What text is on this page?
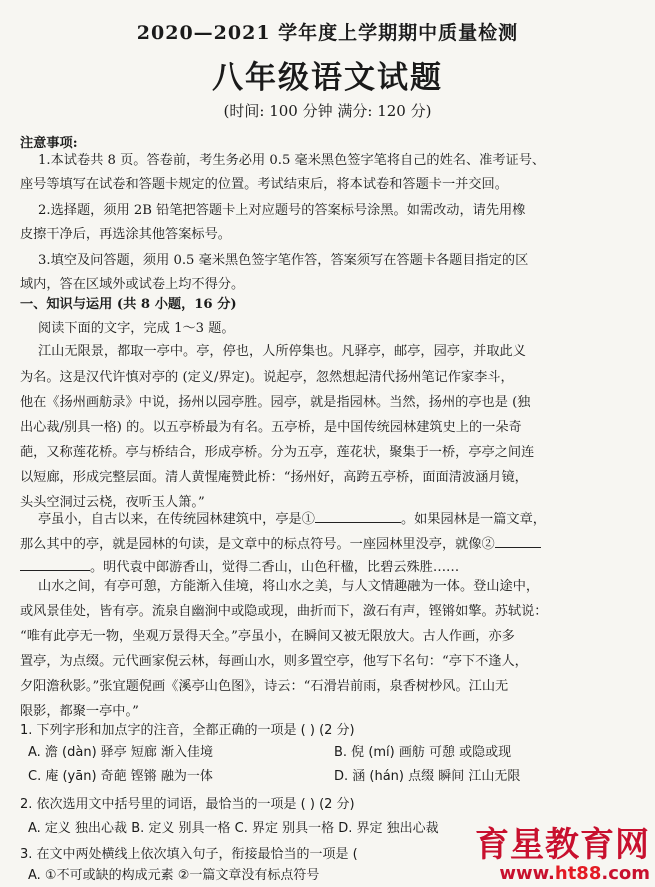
2020—2021 学年度上学期期中质量检测
八年级语文试题
(时间: 100 分钟 满分: 120 分)
注意事项:
1.本试卷共 8 页。答卷前，考生务必用 0.5 毫米黑色签字笔将自己的姓名、准考证号、
座号等填写在试卷和答题卡规定的位置。考试结束后，将本试卷和答题卡一并交回。
2.选择题，须用 2B 铅笔把答题卡上对应题号的答案标号涂黑。如需改动，请先用橡
皮擦干净后，再选涂其他答案标号。
3.填空及问答题，须用 0.5 毫米黑色签字笔作答，答案须写在答题卡各题目指定的区
域内，答在区域外或试卷上均不得分。
一、知识与运用 (共 8 小题，16 分)
阅读下面的文字，完成 1～3 题。
江山无限景，都取一亭中。亭，停也，人所停集也。凡驿亭，邮亭，园亭，并取此义
为名。这是汉代许慎对亭的 (定义/界定)。说起亭，忽然想起清代扬州笔记作家李斗，
他在《扬州画舫录》中说，扬州以园亭胜。园亭，就是指园林。当然，扬州的亭也是 (独
出心裁/别具一格) 的。以五亭桥最为有名。五亭桥，是中国传统园林建筑史上的一朵奇
葩，又称莲花桥。亭与桥结合，形成亭桥。分为五亭，莲花状，聚集于一桥，亭亭之间连
以短廊，形成完整层面。清人黄惺庵赞此桥：“扬州好，高跨五亭桥，面面清波涵月镜，
头头空洞过云桡，夜听玉人箫。”
亭虽小，自古以来，在传统园林建筑中，亭是①	。如果园林是一篇文章，
那么其中的亭，就是园林的句读，是文章中的标点符号。一座园林里没亭，就像②
。明代袁中郎游香山，觉得二香山，山色秆楹，比碧云殊胜……
山水之间，有亭可憩，方能渐入佳境，将山水之美，与人文情趣融为一体。登山途中，
或风景佳处，皆有亭。流泉自幽涧中或隐或现，曲折而下，潋石有声，铿锵如擎。苏轼说：
“唯有此亭无一物，坐观万景得天全。”亭虽小，在瞬间又被无限放大。古人作画，亦多
置亭，为点缀。元代画家倪云林，每画山水，则多置空亭，他写下名句：“亭下不逢人，
夕阳澹秋影。”张宜题倪画《溪亭山色图》，诗云：“石滑岩前雨，泉香树杪风。江山无
限影，都聚一亭中。”
1. 下列字形和加点字的注音，全都正确的一项是 ( ) (2 分)
A. 澹 (dàn) 驿亭 短廊 渐入佳境	B. 倪 (mí) 画舫 可憩 或隐或现
C. 庵 (yān) 奇葩 铿锵 融为一体	D. 涵 (hán) 点缀 瞬间 江山无限
2. 依次选用文中括号里的词语，最恰当的一项是 ( ) (2 分)
A. 定义 独出心裁 B. 定义 别具一格 C. 界定 别具一格 D. 界定 独出心裁
3. 在文中两处横线上依次填入句子，衔接最恰当的一项是 (
A. ①不可或缺的构成元素 ②一篇文章没有标点符号
育星教育网
www.ht88.com
